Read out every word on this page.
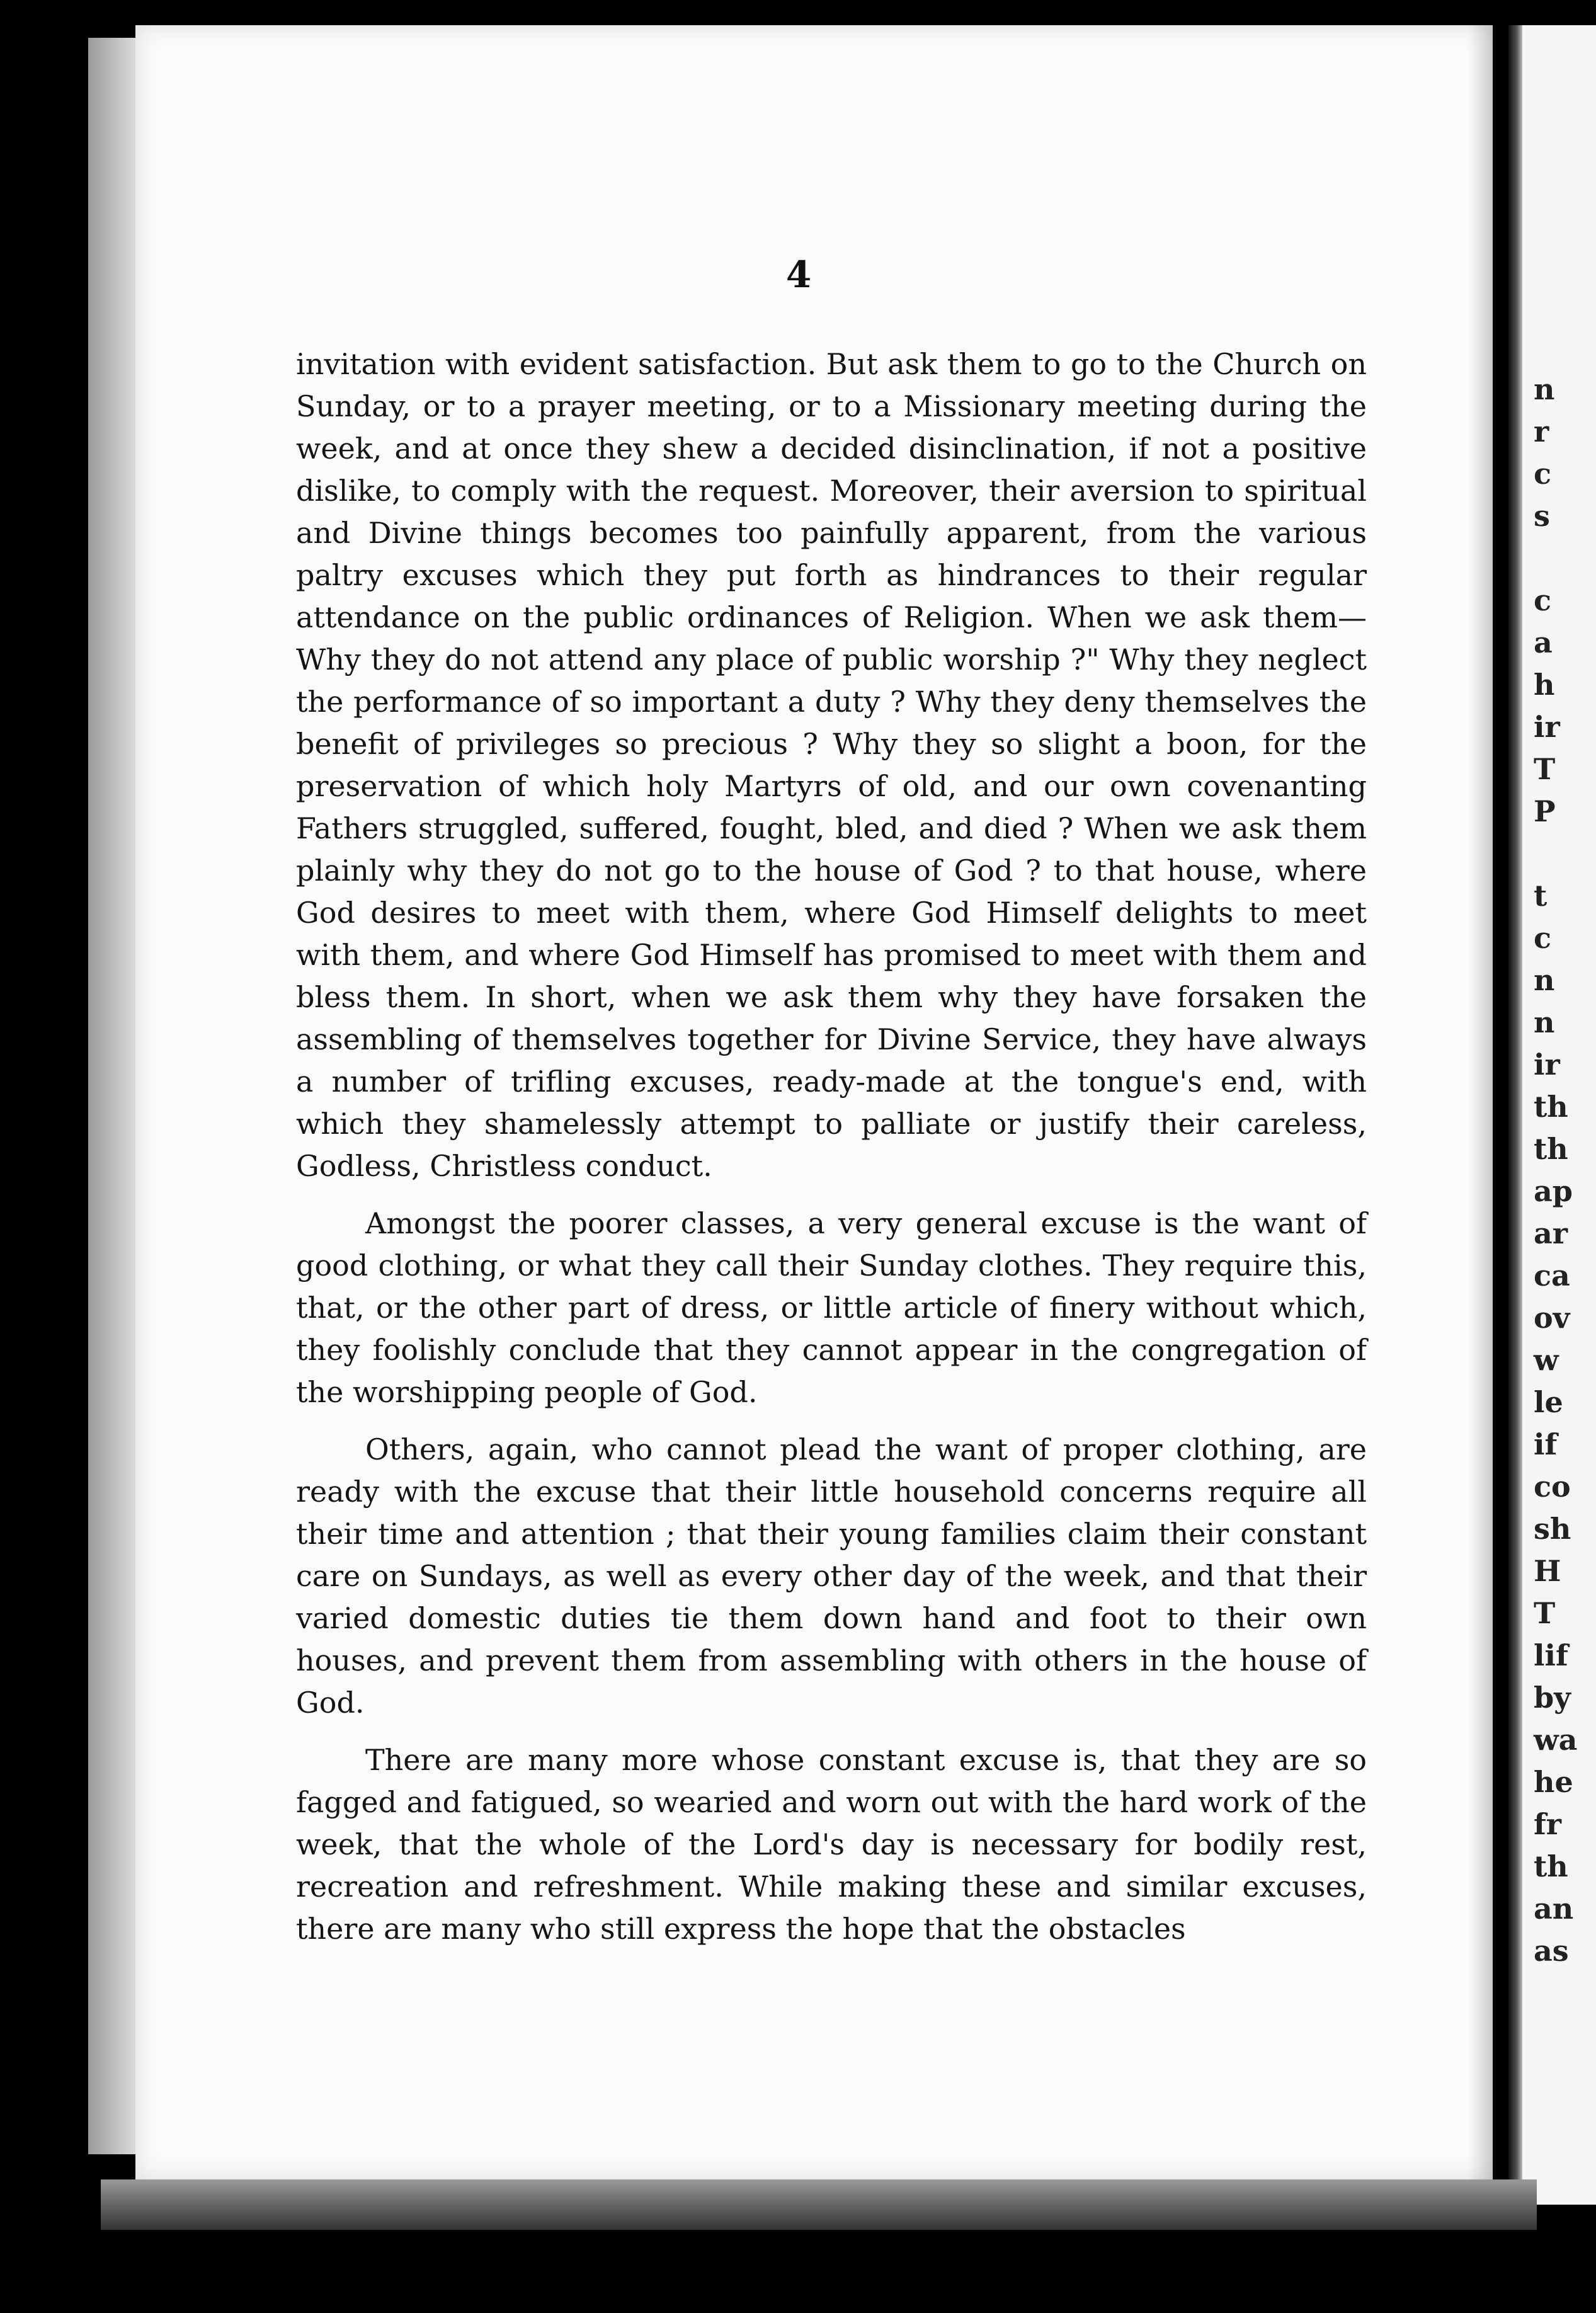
4

invitation with evident satisfaction. But ask them to go to the Church on Sunday, or to a prayer meeting, or to a Missionary meeting during the week, and at once they shew a decided disinclination, if not a positive dislike, to comply with the request. Moreover, their aversion to spiritual and Divine things becomes too painfully apparent, from the various paltry excuses which they put forth as hindrances to their regular attendance on the public ordinances of Religion. When we ask them—Why they do not attend any place of public worship ?" Why they neglect the performance of so important a duty ? Why they deny themselves the benefit of privileges so precious ? Why they so slight a boon, for the preservation of which holy Martyrs of old, and our own covenanting Fathers struggled, suffered, fought, bled, and died ? When we ask them plainly why they do not go to the house of God ? to that house, where God desires to meet with them, where God Himself delights to meet with them, and where God Himself has promised to meet with them and bless them. In short, when we ask them why they have forsaken the assembling of themselves together for Divine Service, they have always a number of trifling excuses, ready-made at the tongue's end, with which they shamelessly attempt to palliate or justify their careless, Godless, Christless conduct.

Amongst the poorer classes, a very general excuse is the want of good clothing, or what they call their Sunday clothes. They require this, that, or the other part of dress, or little article of finery without which, they foolishly conclude that they cannot appear in the congregation of the worshipping people of God.

Others, again, who cannot plead the want of proper clothing, are ready with the excuse that their little household concerns require all their time and attention ; that their young families claim their constant care on Sundays, as well as every other day of the week, and that their varied domestic duties tie them down hand and foot to their own houses, and prevent them from assembling with others in the house of God.

There are many more whose constant excuse is, that they are so fagged and fatigued, so wearied and worn out with the hard work of the week, that the whole of the Lord's day is necessary for bodily rest, recreation and refreshment. While making these and similar excuses, there are many who still express the hope that the obstacles

n
r
c
s

c
a
h
ir
T
P

t
c
n
n
ir
th
th
ap
ar
ca
ov
w
le
if
co
sh
H
T
lif
by
wa
he
fr
th
an
as
